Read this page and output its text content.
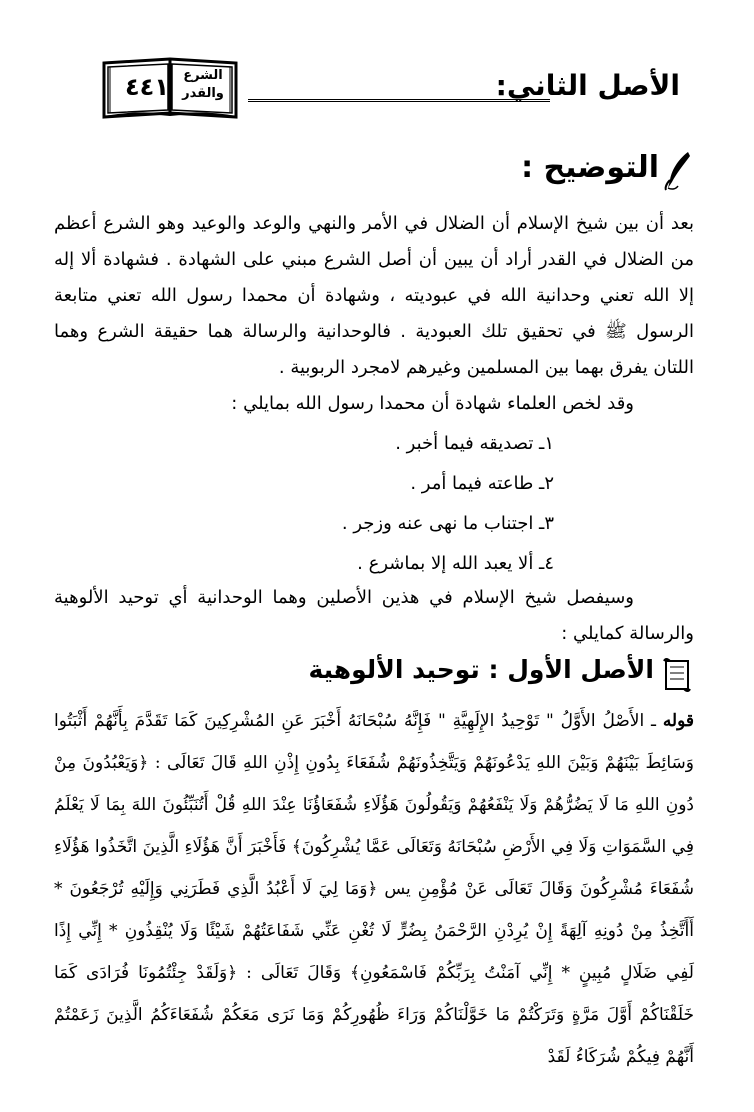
الأصل الثاني:
٤٤١	الشرع
والقدر
التوضيح :
بعد أن بين شيخ الإسلام أن الضلال في الأمر والنهي والوعد والوعيد وهو الشرع أعظم من الضلال في القدر أراد أن يبين أن أصل الشرع مبني على الشهادة . فشهادة ألا إله إلا الله تعني وحدانية الله في عبوديته ، وشهادة أن محمدا رسول الله تعني متابعة الرسول ﷺ في تحقيق تلك العبودية . فالوحدانية والرسالة هما حقيقة الشرع وهما اللتان يفرق بهما بين المسلمين وغيرهم لامجرد الربوبية .
وقد لخص العلماء شهادة أن محمدا رسول الله بمايلي :
١ـ تصديقه فيما أخبر .
٢ـ طاعته فيما أمر .
٣ـ اجتناب ما نهى عنه وزجر .
٤ـ ألا يعبد الله إلا بماشرع .
وسيفصل شيخ الإسلام في هذين الأصلين وهما الوحدانية أي توحيد الألوهية والرسالة كمايلي :
الأصل الأول : توحيد الألوهية
قوله ـ الأَصْلُ الأَوَّلُ " تَوْحِيدُ الإِلَهِيَّةِ " فَإِنَّهُ سُبْحَانَهُ أَخْبَرَ عَنِ المُشْرِكِينَ كَمَا تَقَدَّمَ بِأَنَّهُمْ أَثْبَتُوا وَسَائِطَ بَيْنَهُمْ وَبَيْنَ اللهِ يَدْعُونَهُمْ وَيَتَّخِذُونَهُمْ شُفَعَاءَ بِدُونِ إِذْنِ اللهِ قَالَ تَعَالَى : ﴿وَيَعْبُدُونَ مِنْ دُونِ اللهِ مَا لَا يَضُرُّهُمْ وَلَا يَنْفَعُهُمْ وَيَقُولُونَ هَؤُلَاءِ شُفَعَاؤُنَا عِنْدَ اللهِ قُلْ أَتُنَبِّئُونَ اللهَ بِمَا لَا يَعْلَمُ فِي السَّمَوَاتِ وَلَا فِي الأَرْضِ سُبْحَانَهُ وَتَعَالَى عَمَّا يُشْرِكُونَ﴾ فَأَخْبَرَ أَنَّ هَؤُلَاءِ الَّذِينَ اتَّخَذُوا هَؤُلَاءِ شُفَعَاءَ مُشْرِكُونَ وَقَالَ تَعَالَى عَنْ مُؤْمِنِ يس ﴿وَمَا لِيَ لَا أَعْبُدُ الَّذِي فَطَرَنِي وَإِلَيْهِ تُرْجَعُونَ * أَأَتَّخِذُ مِنْ دُونِهِ آلِهَةً إِنْ يُرِدْنِ الرَّحْمَنُ بِضُرٍّ لَا تُغْنِ عَنِّي شَفَاعَتُهُمْ شَيْئًا وَلَا يُنْقِذُونِ * إِنِّي إِذًا لَفِي ضَلَالٍ مُبِينٍ * إِنِّي آمَنْتُ بِرَبِّكُمْ فَاسْمَعُونِ﴾ وَقَالَ تَعَالَى : ﴿وَلَقَدْ جِئْتُمُونَا فُرَادَى كَمَا خَلَقْنَاكُمْ أَوَّلَ مَرَّةٍ وَتَرَكْتُمْ مَا خَوَّلْنَاكُمْ وَرَاءَ ظُهُورِكُمْ وَمَا نَرَى مَعَكُمْ شُفَعَاءَكُمُ الَّذِينَ زَعَمْتُمْ أَنَّهُمْ فِيكُمْ شُرَكَاءُ لَقَدْ
